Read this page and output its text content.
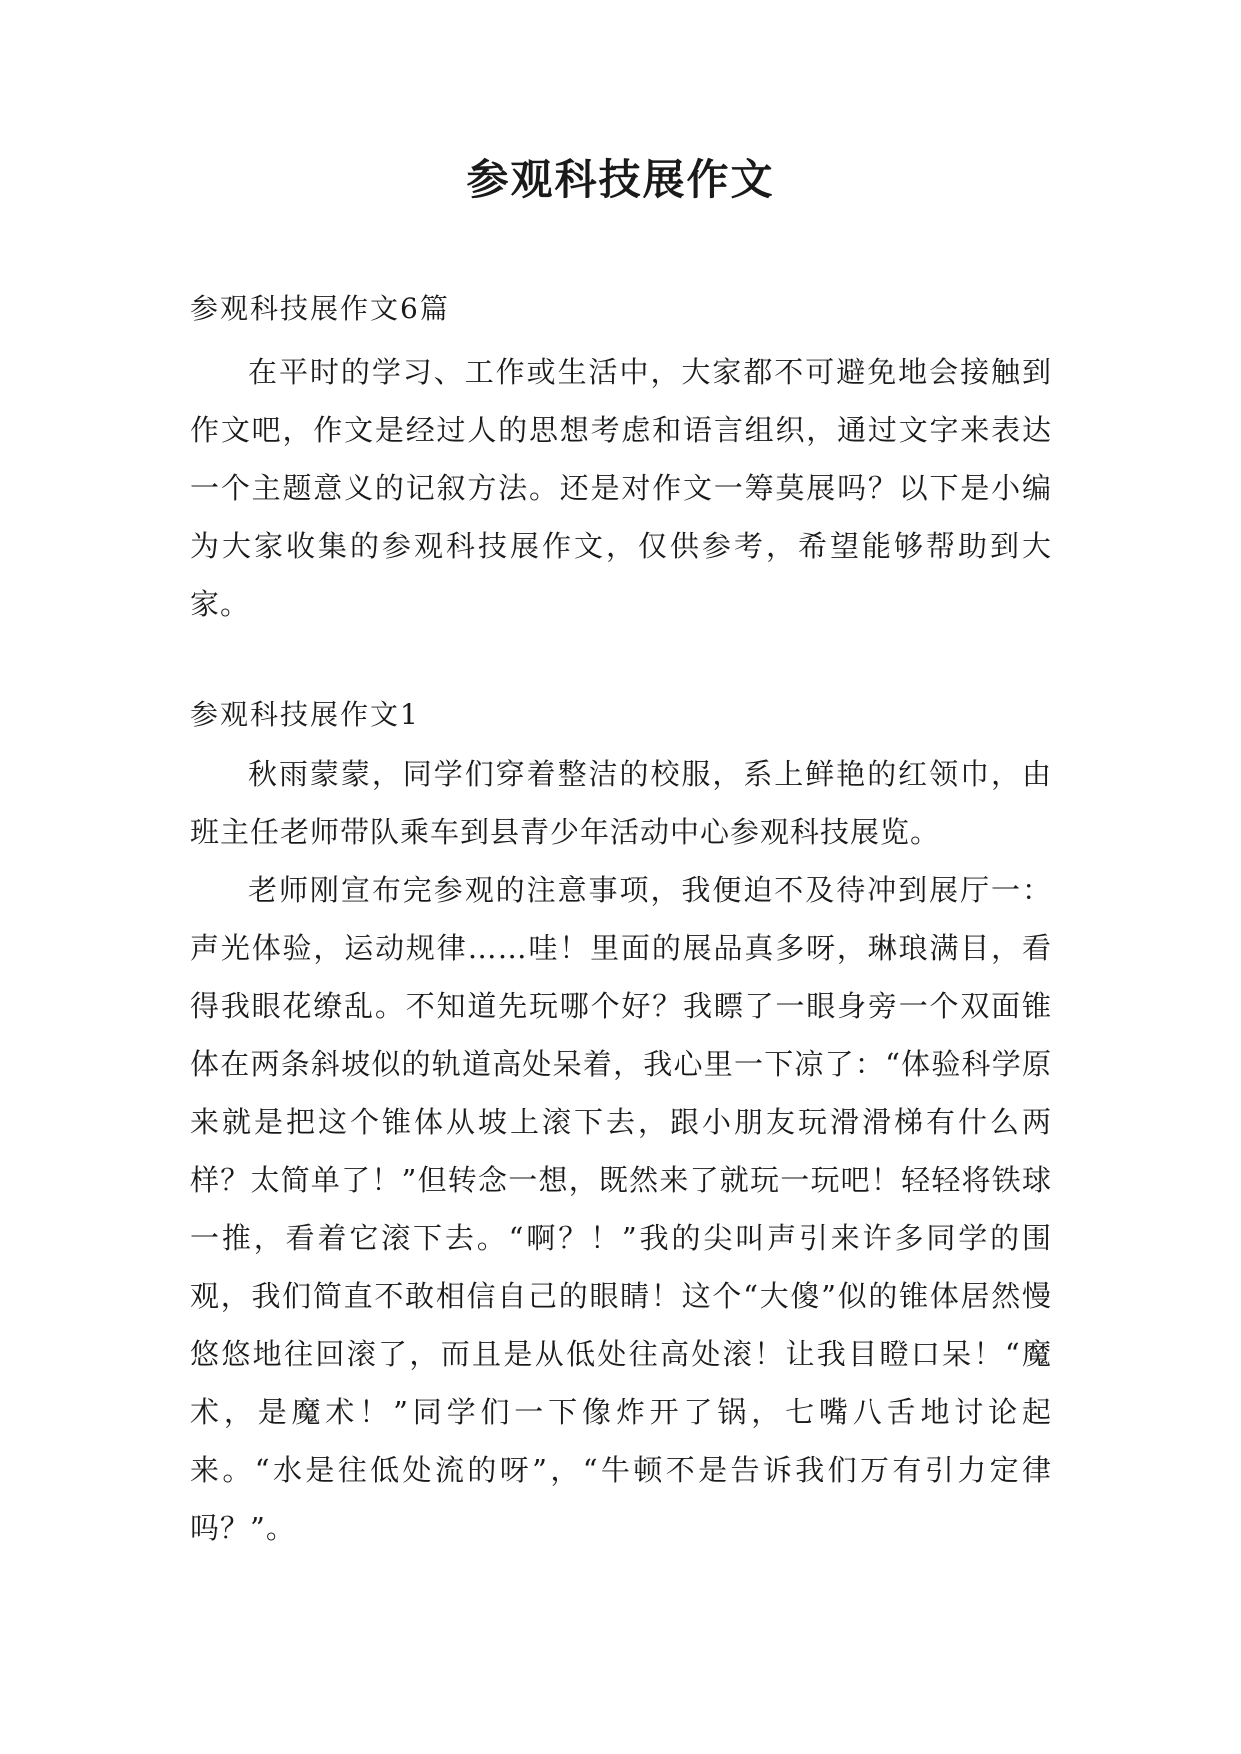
参观科技展作文

参观科技展作文6篇

在平时的学习、工作或生活中，大家都不可避免地会接触到作文吧，作文是经过人的思想考虑和语言组织，通过文字来表达一个主题意义的记叙方法。还是对作文一筹莫展吗？以下是小编为大家收集的参观科技展作文，仅供参考，希望能够帮助到大家。

参观科技展作文1

秋雨蒙蒙，同学们穿着整洁的校服，系上鲜艳的红领巾，由班主任老师带队乘车到县青少年活动中心参观科技展览。

老师刚宣布完参观的注意事项，我便迫不及待冲到展厅一：声光体验，运动规律……哇！里面的展品真多呀，琳琅满目，看得我眼花缭乱。不知道先玩哪个好？我瞟了一眼身旁一个双面锥体在两条斜坡似的轨道高处呆着，我心里一下凉了：“体验科学原来就是把这个锥体从坡上滚下去，跟小朋友玩滑滑梯有什么两样？太简单了！”但转念一想，既然来了就玩一玩吧！轻轻将铁球一推，看着它滚下去。“啊？！”我的尖叫声引来许多同学的围观，我们简直不敢相信自己的眼睛！这个“大傻”似的锥体居然慢悠悠地往回滚了，而且是从低处往高处滚！让我目瞪口呆！“魔术，是魔术！”同学们一下像炸开了锅，七嘴八舌地讨论起来。“水是往低处流的呀”，“牛顿不是告诉我们万有引力定律吗？”。
